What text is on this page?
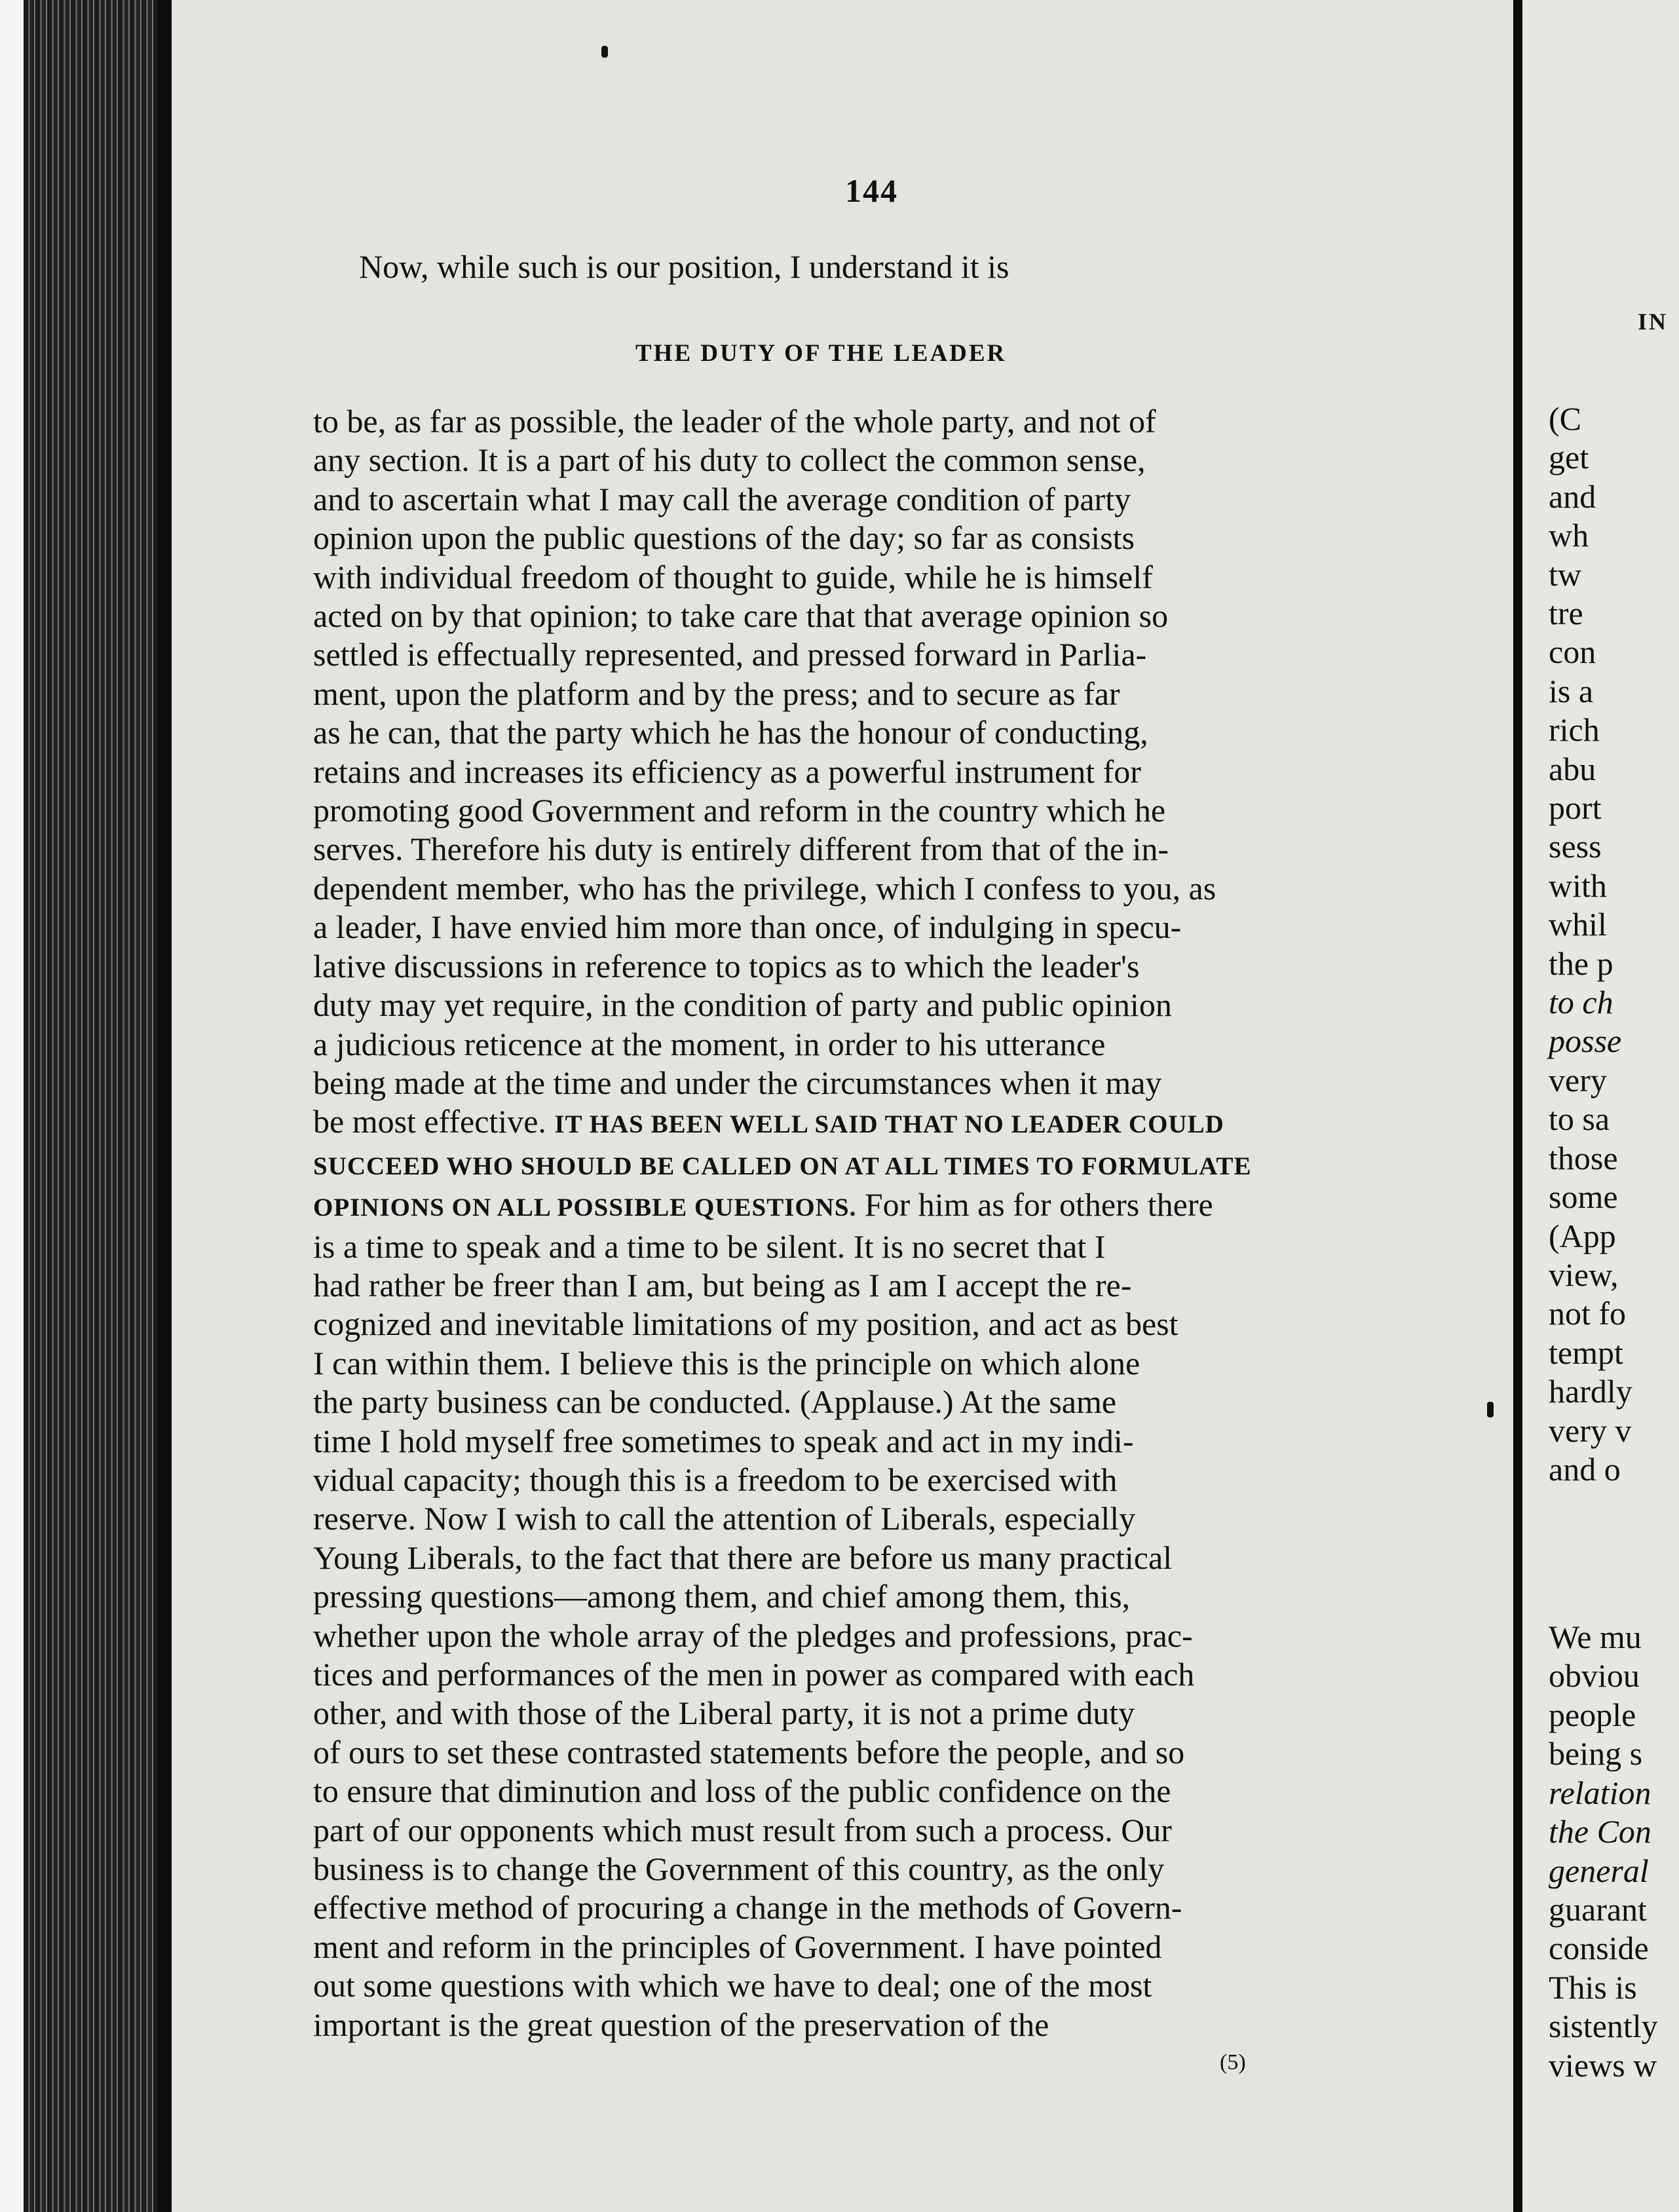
144
Now, while such is our position, I understand it is
THE DUTY OF THE LEADER
to be, as far as possible, the leader of the whole party, and not of
any section. It is a part of his duty to collect the common sense,
and to ascertain what I may call the average condition of party
opinion upon the public questions of the day; so far as consists
with individual freedom of thought to guide, while he is himself
acted on by that opinion; to take care that that average opinion so
settled is effectually represented, and pressed forward in Parlia-
ment, upon the platform and by the press; and to secure as far
as he can, that the party which he has the honour of conducting,
retains and increases its efficiency as a powerful instrument for
promoting good Government and reform in the country which he
serves. Therefore his duty is entirely different from that of the in-
dependent member, who has the privilege, which I confess to you, as
a leader, I have envied him more than once, of indulging in specu-
lative discussions in reference to topics as to which the leader's
duty may yet require, in the condition of party and public opinion
a judicious reticence at the moment, in order to his utterance
being made at the time and under the circumstances when it may
be most effective. IT HAS BEEN WELL SAID THAT NO LEADER COULD
SUCCEED WHO SHOULD BE CALLED ON AT ALL TIMES TO FORMULATE
OPINIONS ON ALL POSSIBLE QUESTIONS. For him as for others there
is a time to speak and a time to be silent. It is no secret that I
had rather be freer than I am, but being as I am I accept the re-
cognized and inevitable limitations of my position, and act as best
I can within them. I believe this is the principle on which alone
the party business can be conducted. (Applause.) At the same
time I hold myself free sometimes to speak and act in my indi-
vidual capacity; though this is a freedom to be exercised with
reserve. Now I wish to call the attention of Liberals, especially
Young Liberals, to the fact that there are before us many practical
pressing questions—among them, and chief among them, this,
whether upon the whole array of the pledges and professions, prac-
tices and performances of the men in power as compared with each
other, and with those of the Liberal party, it is not a prime duty
of ours to set these contrasted statements before the people, and so
to ensure that diminution and loss of the public confidence on the
part of our opponents which must result from such a process. Our
business is to change the Government of this country, as the only
effective method of procuring a change in the methods of Govern-
ment and reform in the principles of Government. I have pointed
out some questions with which we have to deal; one of the most
important is the great question of the preservation of the
(5)
IN
(C
get
and
wh
tw
tre
con
is a
rich
abu
port
sess
with
whil
the p
to ch
posse
very
to sa
those
some
(App
view,
not fo
tempt
hardly
very v
and o
We mu
obviou
people
being s
relation
the Con
general
guarant
conside
This is
sistently
views w
